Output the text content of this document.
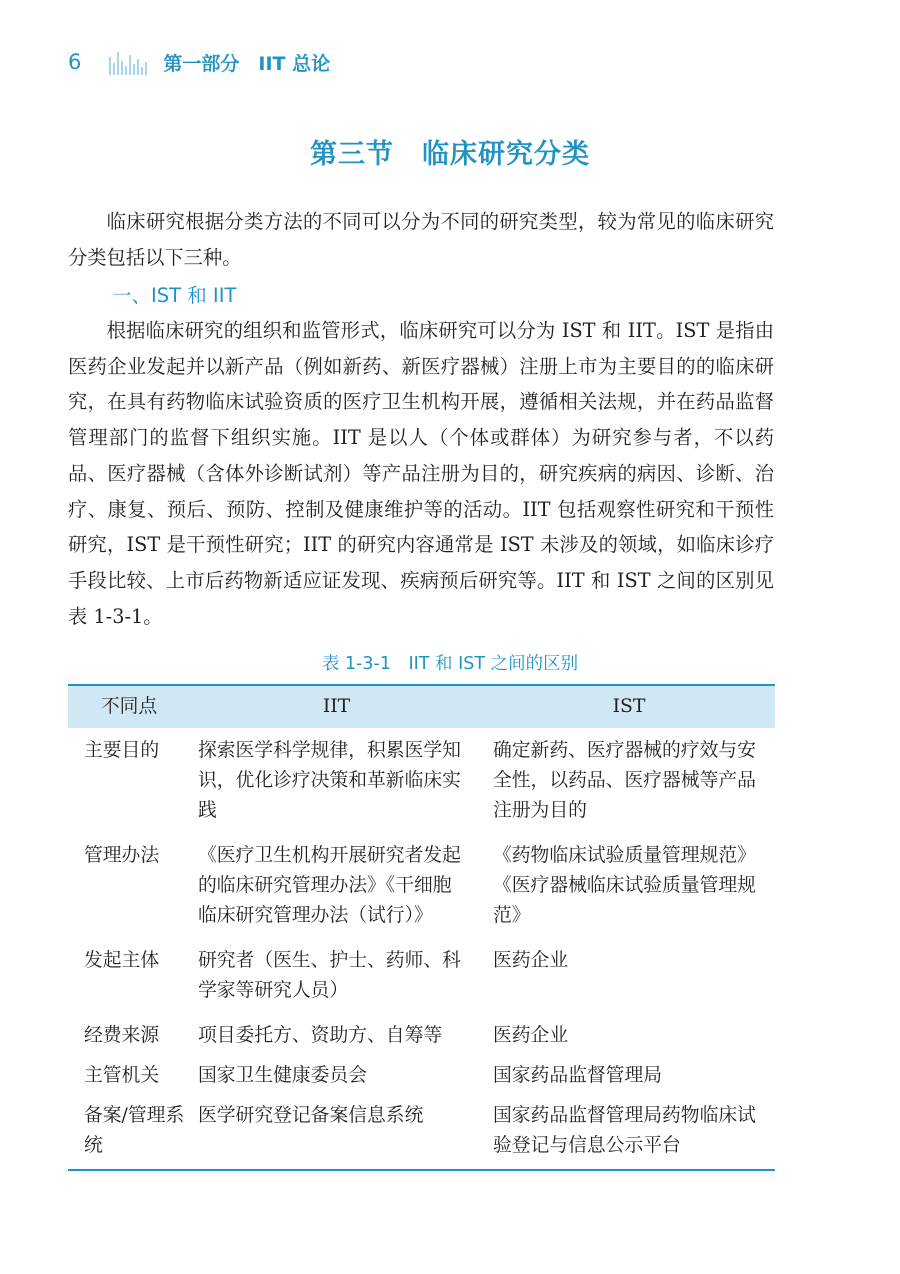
6	第一部分　IIT 总论
第三节　临床研究分类

临床研究根据分类方法的不同可以分为不同的研究类型，较为常见的临床研究分类包括以下三种。

一、IST 和 IIT

根据临床研究的组织和监管形式，临床研究可以分为 IST 和 IIT。IST 是指由医药企业发起并以新产品（例如新药、新医疗器械）注册上市为主要目的的临床研究，在具有药物临床试验资质的医疗卫生机构开展，遵循相关法规，并在药品监督管理部门的监督下组织实施。IIT 是以人（个体或群体）为研究参与者，不以药品、医疗器械（含体外诊断试剂）等产品注册为目的，研究疾病的病因、诊断、治疗、康复、预后、预防、控制及健康维护等的活动。IIT 包括观察性研究和干预性研究，IST 是干预性研究；IIT 的研究内容通常是 IST 未涉及的领域，如临床诊疗手段比较、上市后药物新适应证发现、疾病预后研究等。IIT 和 IST 之间的区别见表 1-3-1。

表 1-3-1　IIT 和 IST 之间的区别
不同点	IIT	IST
主要目的	探索医学科学规律，积累医学知识，优化诊疗决策和革新临床实践	确定新药、医疗器械的疗效与安全性，以药品、医疗器械等产品注册为目的
管理办法	《医疗卫生机构开展研究者发起的临床研究管理办法》《干细胞临床研究管理办法（试行）》	《药物临床试验质量管理规范》《医疗器械临床试验质量管理规范》
发起主体	研究者（医生、护士、药师、科学家等研究人员）	医药企业
经费来源	项目委托方、资助方、自筹等	医药企业
主管机关	国家卫生健康委员会	国家药品监督管理局
备案/管理系统	医学研究登记备案信息系统	国家药品监督管理局药物临床试验登记与信息公示平台
